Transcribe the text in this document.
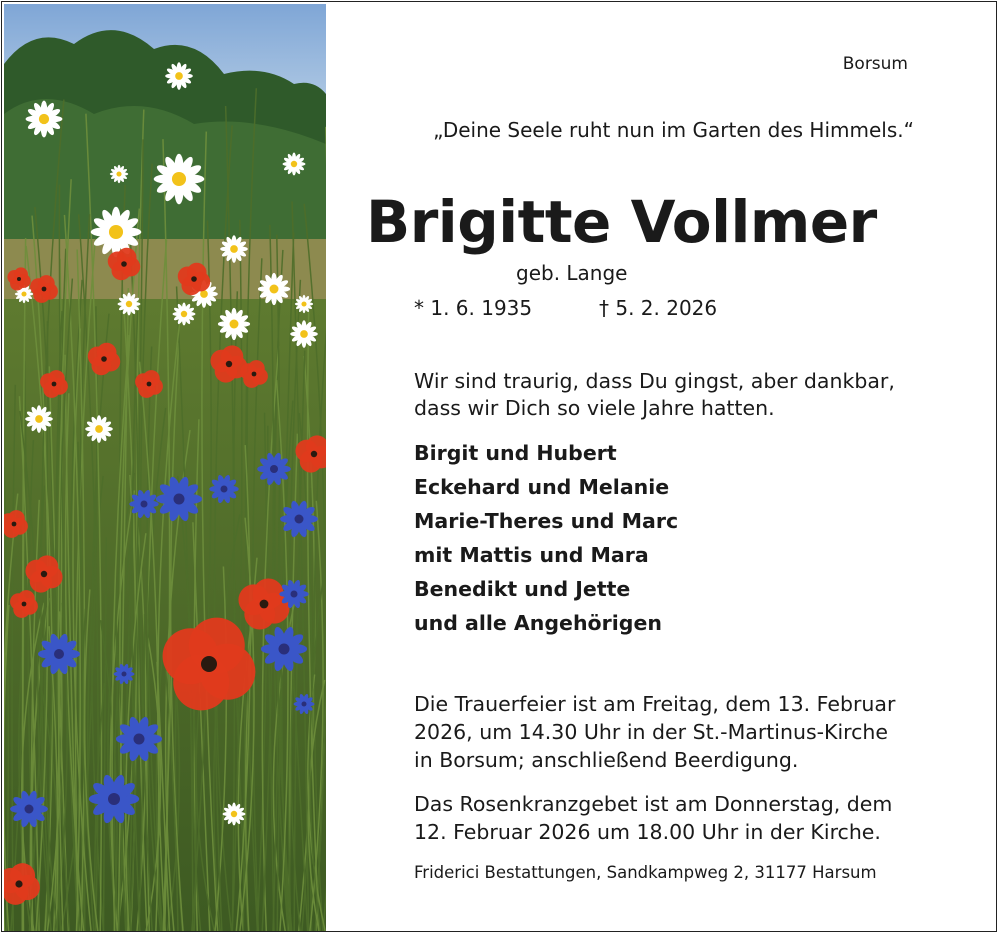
Borsum
„Deine Seele ruht nun im Garten des Himmels.“
Brigitte Vollmer
geb. Lange
* 1. 6. 1935	† 5. 2. 2026
Wir sind traurig, dass Du gingst, aber dankbar,
dass wir Dich so viele Jahre hatten.
Birgit und Hubert
Eckehard und Melanie
Marie-Theres und Marc
mit Mattis und Mara
Benedikt und Jette
und alle Angehörigen
Die Trauerfeier ist am Freitag, dem 13. Februar
2026, um 14.30 Uhr in der St.-Martinus-Kirche
in Borsum; anschließend Beerdigung.
Das Rosenkranzgebet ist am Donnerstag, dem
12. Februar 2026 um 18.00 Uhr in der Kirche.
Friderici Bestattungen, Sandkampweg 2, 31177 Harsum
